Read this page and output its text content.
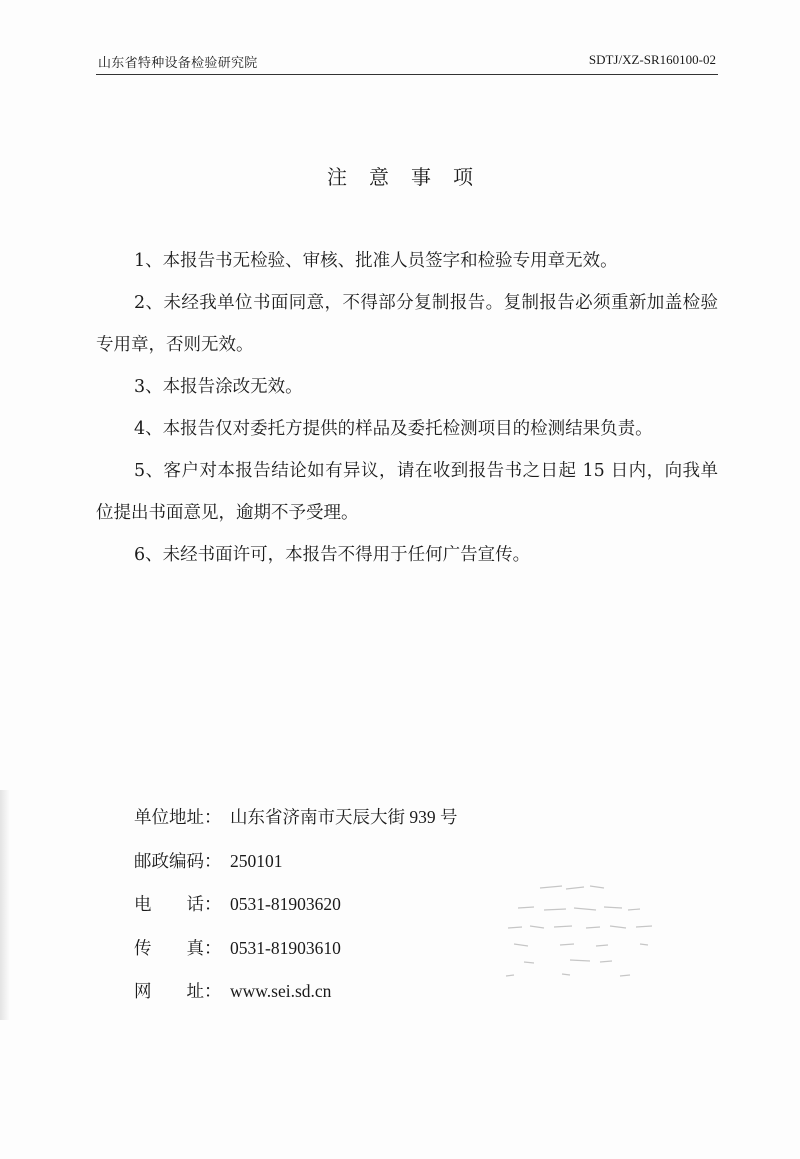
山东省特种设备检验研究院	SDTJ/XZ-SR160100-02
注意事项

1、本报告书无检验、审核、批准人员签字和检验专用章无效。

2、未经我单位书面同意，不得部分复制报告。复制报告必须重新加盖检验专用章，否则无效。

3、本报告涂改无效。

4、本报告仅对委托方提供的样品及委托检测项目的检测结果负责。

5、客户对本报告结论如有异议，请在收到报告书之日起 15 日内，向我单位提出书面意见，逾期不予受理。

6、未经书面许可，本报告不得用于任何广告宣传。

单位地址： 山东省济南市天辰大街 939 号
邮政编码： 250101
电　　话： 0531-81903620
传　　真： 0531-81903610
网　　址： www.sei.sd.cn
